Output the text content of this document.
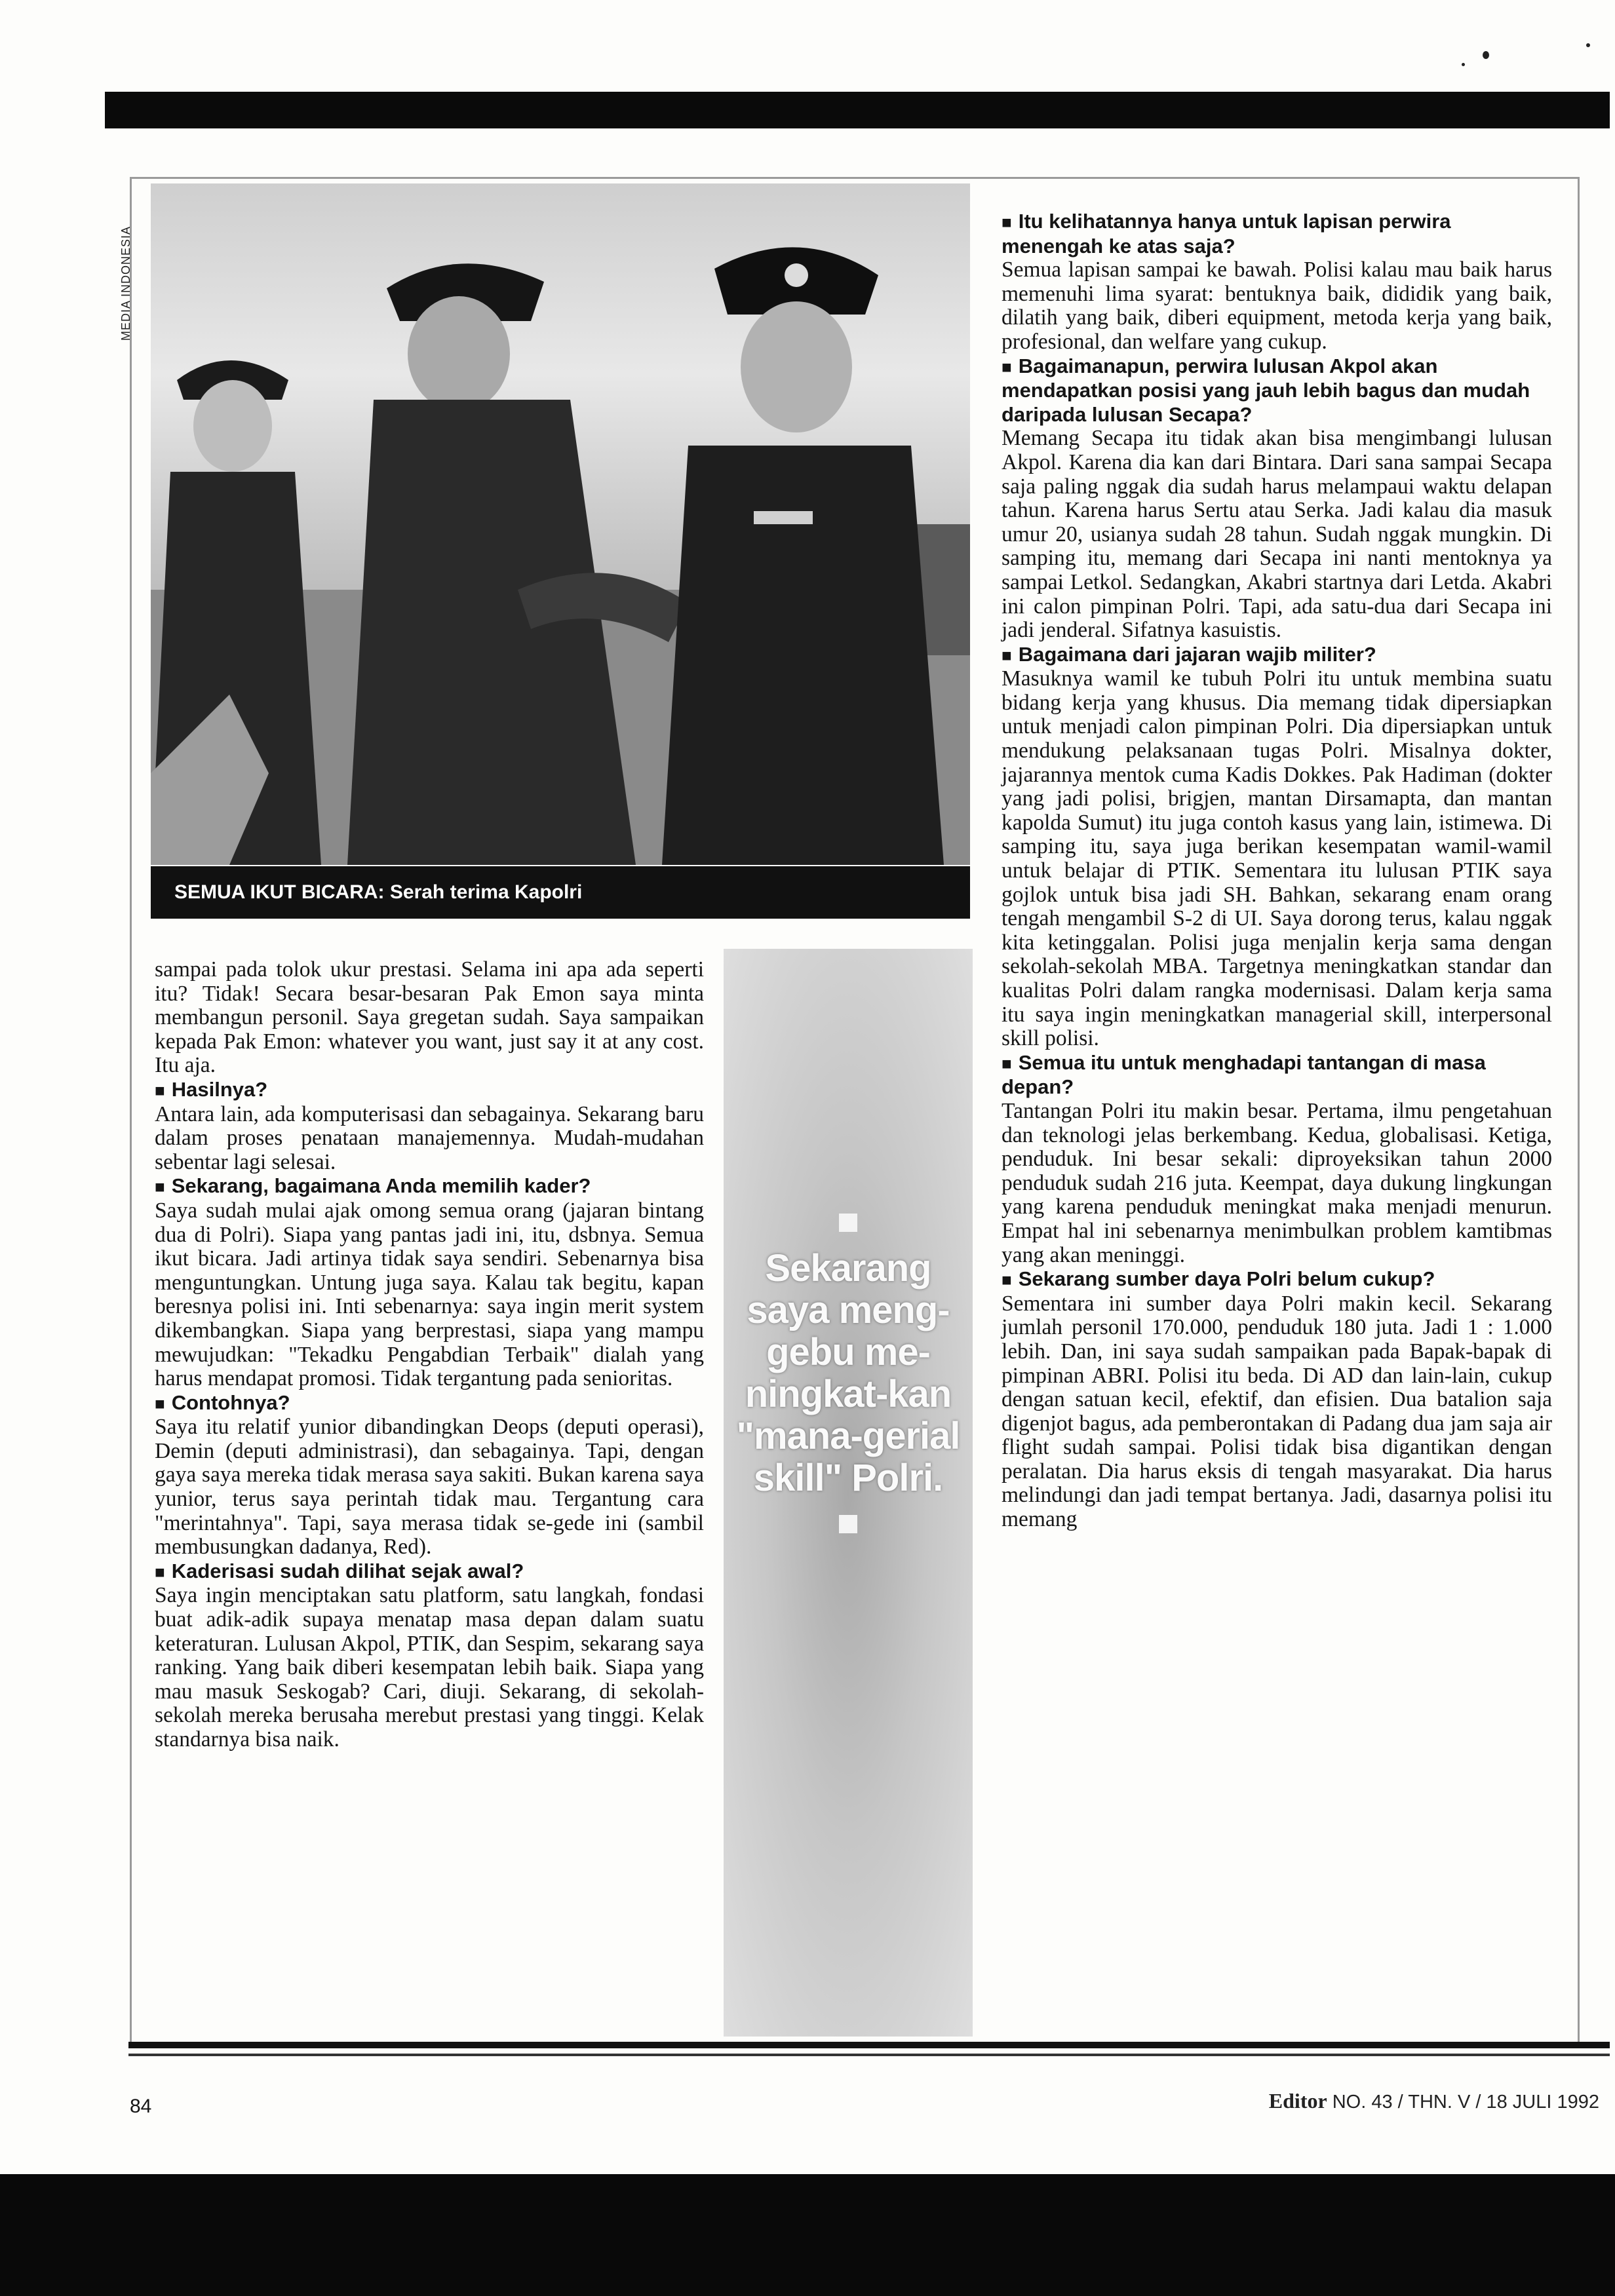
MEDIA INDONESIA
SEMUA IKUT BICARA: Serah terima Kapolri

sampai pada tolok ukur prestasi. Selama ini apa ada seperti itu? Tidak! Secara besar-besaran Pak Emon saya minta membangun personil. Saya gregetan sudah. Saya sampaikan kepada Pak Emon: whatever you want, just say it at any cost. Itu aja.

■ Hasilnya?

Antara lain, ada komputerisasi dan sebagainya. Sekarang baru dalam proses penataan manajemennya. Mudah-mudahan sebentar lagi selesai.

■ Sekarang, bagaimana Anda memilih kader?

Saya sudah mulai ajak omong semua orang (jajaran bintang dua di Polri). Siapa yang pantas jadi ini, itu, dsbnya. Semua ikut bicara. Jadi artinya tidak saya sendiri. Sebenarnya bisa menguntungkan. Untung juga saya. Kalau tak begitu, kapan beresnya polisi ini. Inti sebenarnya: saya ingin merit system dikembangkan. Siapa yang berprestasi, siapa yang mampu mewujudkan: "Tekadku Pengabdian Terbaik" dialah yang harus mendapat promosi. Tidak tergantung pada senioritas.

■ Contohnya?

Saya itu relatif yunior dibandingkan Deops (deputi operasi), Demin (deputi administrasi), dan sebagainya. Tapi, dengan gaya saya mereka tidak merasa saya sakiti. Bukan karena saya yunior, terus saya perintah tidak mau. Tergantung cara "merintahnya". Tapi, saya merasa tidak se-gede ini (sambil membusungkan dadanya, Red).

■ Kaderisasi sudah dilihat sejak awal?

Saya ingin menciptakan satu platform, satu langkah, fondasi buat adik-adik supaya menatap masa depan dalam suatu keteraturan. Lulusan Akpol, PTIK, dan Sespim, sekarang saya ranking. Yang baik diberi kesempatan lebih baik. Siapa yang mau masuk Seskogab? Cari, diuji. Sekarang, di sekolah-sekolah mereka berusaha merebut prestasi yang tinggi. Kelak standarnya bisa naik.

Sekarang saya meng-gebu me-ningkat-kan "mana-gerial skill" Polri.

■ Itu kelihatannya hanya untuk lapisan perwira menengah ke atas saja?

Semua lapisan sampai ke bawah. Polisi kalau mau baik harus memenuhi lima syarat: bentuknya baik, dididik yang baik, dilatih yang baik, diberi equipment, metoda kerja yang baik, profesional, dan welfare yang cukup.

■ Bagaimanapun, perwira lulusan Akpol akan mendapatkan posisi yang jauh lebih bagus dan mudah daripada lulusan Secapa?

Memang Secapa itu tidak akan bisa mengimbangi lulusan Akpol. Karena dia kan dari Bintara. Dari sana sampai Secapa saja paling nggak dia sudah harus melampaui waktu delapan tahun. Karena harus Sertu atau Serka. Jadi kalau dia masuk umur 20, usianya sudah 28 tahun. Sudah nggak mungkin. Di samping itu, memang dari Secapa ini nanti mentoknya ya sampai Letkol. Sedangkan, Akabri startnya dari Letda. Akabri ini calon pimpinan Polri. Tapi, ada satu-dua dari Secapa ini jadi jenderal. Sifatnya kasuistis.

■ Bagaimana dari jajaran wajib militer?

Masuknya wamil ke tubuh Polri itu untuk membina suatu bidang kerja yang khusus. Dia memang tidak dipersiapkan untuk menjadi calon pimpinan Polri. Dia dipersiapkan untuk mendukung pelaksanaan tugas Polri. Misalnya dokter, jajarannya mentok cuma Kadis Dokkes. Pak Hadiman (dokter yang jadi polisi, brigjen, mantan Dirsamapta, dan mantan kapolda Sumut) itu juga contoh kasus yang lain, istimewa. Di samping itu, saya juga berikan kesempatan wamil-wamil untuk belajar di PTIK. Sementara itu lulusan PTIK saya gojlok untuk bisa jadi SH. Bahkan, sekarang enam orang tengah mengambil S-2 di UI. Saya dorong terus, kalau nggak kita ketinggalan. Polisi juga menjalin kerja sama dengan sekolah-sekolah MBA. Targetnya meningkatkan standar dan kualitas Polri dalam rangka modernisasi. Dalam kerja sama itu saya ingin meningkatkan managerial skill, interpersonal skill polisi.

■ Semua itu untuk menghadapi tantangan di masa depan?

Tantangan Polri itu makin besar. Pertama, ilmu pengetahuan dan teknologi jelas berkembang. Kedua, globalisasi. Ketiga, penduduk. Ini besar sekali: diproyeksikan tahun 2000 penduduk sudah 216 juta. Keempat, daya dukung lingkungan yang karena penduduk meningkat maka menjadi menurun. Empat hal ini sebenarnya menimbulkan problem kamtibmas yang akan meninggi.

■ Sekarang sumber daya Polri belum cukup?

Sementara ini sumber daya Polri makin kecil. Sekarang jumlah personil 170.000, penduduk 180 juta. Jadi 1 : 1.000 lebih. Dan, ini saya sudah sampaikan pada Bapak-bapak di pimpinan ABRI. Polisi itu beda. Di AD dan lain-lain, cukup dengan satuan kecil, efektif, dan efisien. Dua batalion saja digenjot bagus, ada pemberontakan di Padang dua jam saja air flight sudah sampai. Polisi tidak bisa digantikan dengan peralatan. Dia harus eksis di tengah masyarakat. Dia harus melindungi dan jadi tempat bertanya. Jadi, dasarnya polisi itu memang

84	Editor NO. 43 / THN. V / 18 JULI 1992
